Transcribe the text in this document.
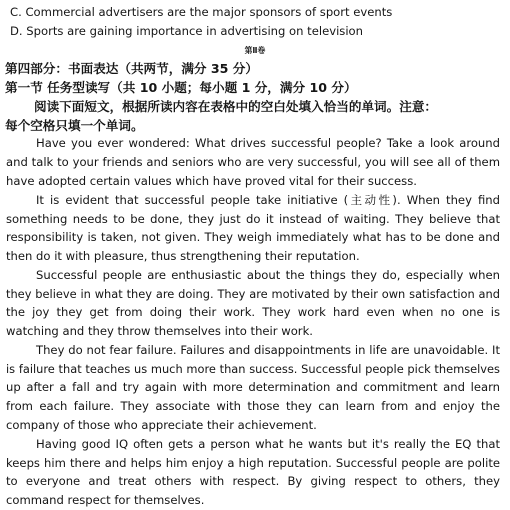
C. Commercial advertisers are the major sponsors of sport events
D. Sports are gaining importance in advertising on television
第Ⅱ卷
第四部分：书面表达（共两节，满分 35 分）
第一节 任务型读写（共 10 小题；每小题 1 分，满分 10 分）
阅读下面短文，根据所读内容在表格中的空白处填入恰当的单词。注意：
每个空格只填一个单词。
Have you ever wondered: What drives successful people? Take a look around
and talk to your friends and seniors who are very successful, you will see all of them
have adopted certain values which have proved vital for their success.
It is evident that successful people take initiative (主动性). When they find
something needs to be done, they just do it instead of waiting. They believe that
responsibility is taken, not given. They weigh immediately what has to be done and
then do it with pleasure, thus strengthening their reputation.
Successful people are enthusiastic about the things they do, especially when
they believe in what they are doing. They are motivated by their own satisfaction and
the joy they get from doing their work. They work hard even when no one is
watching and they throw themselves into their work.
They do not fear failure. Failures and disappointments in life are unavoidable. It
is failure that teaches us much more than success. Successful people pick themselves
up after a fall and try again with more determination and commitment and learn
from each failure. They associate with those they can learn from and enjoy the
company of those who appreciate their achievement.
Having good IQ often gets a person what he wants but it's really the EQ that
keeps him there and helps him enjoy a high reputation. Successful people are polite
to everyone and treat others with respect. By giving respect to others, they
command respect for themselves.
